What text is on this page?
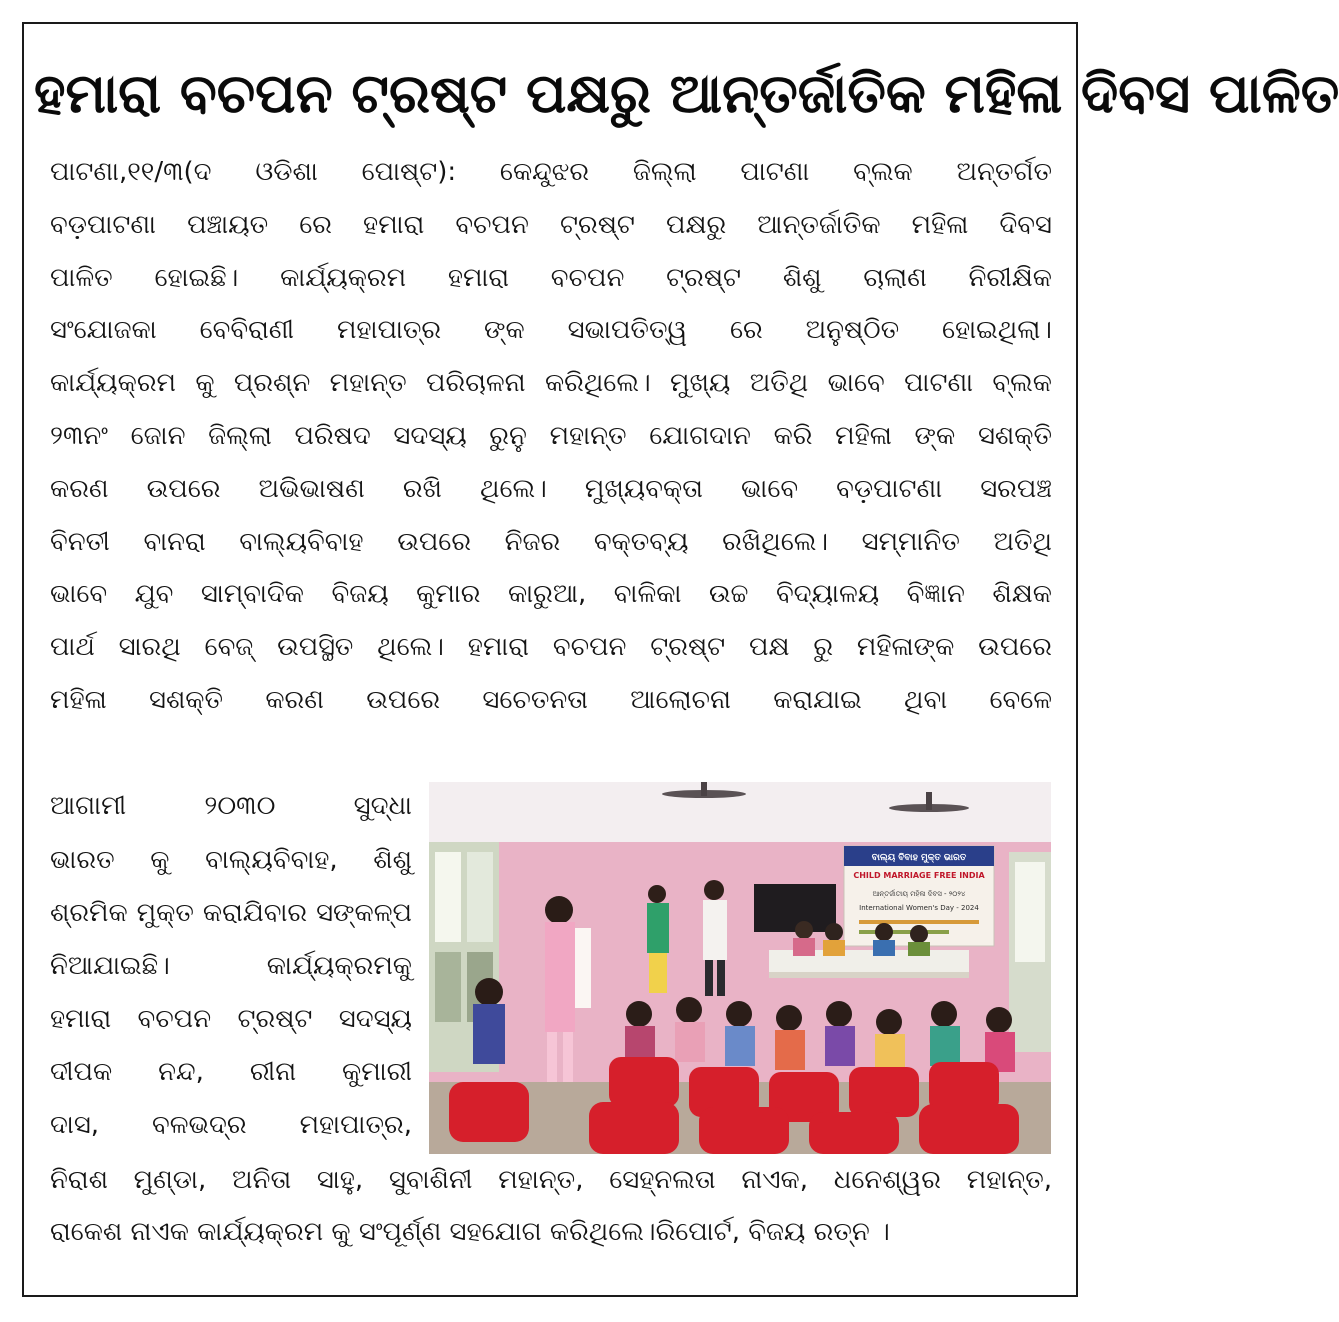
ହମାରା ବଚପନ ଟ୍ରଷ୍ଟ ପକ୍ଷରୁ ଆନ୍ତର୍ଜାତିକ ମହିଳା ଦିବସ ପାଳିତ

ପାଟଣା,୧୧/୩(ଦ ଓଡିଶା ପୋଷ୍ଟ): କେନ୍ଦୁଝର ଜିଲ୍ଲା ପାଟଣା ବ୍ଲକ ଅନ୍ତର୍ଗତ

ବଡ଼ପାଟଣା ପଞ୍ଚାୟତ ରେ ହମାରା ବଚପନ ଟ୍ରଷ୍ଟ ପକ୍ଷରୁ ଆନ୍ତର୍ଜାତିକ ମହିଳା ଦିବସ

ପାଳିତ ହୋଇଛି। କାର୍ଯ୍ୟକ୍ରମ ହମାରା ବଚପନ ଟ୍ରଷ୍ଟ ଶିଶୁ ଚାଲାଣ ନିରୀକ୍ଷିକ

ସଂଯୋଜକା ବେବିରାଣୀ ମହାପାତ୍ର ଙ୍କ ସଭାପତିତ୍ୱ ରେ ଅନୁଷ୍ଠିତ ହୋଇଥିଲା।

କାର୍ଯ୍ୟକ୍ରମ କୁ ପ୍ରଶ୍ନ ମହାନ୍ତ ପରିଚାଳନା କରିଥିଲେ। ମୁଖ୍ୟ ଅତିଥି ଭାବେ ପାଟଣା ବ୍ଲକ

୨୩ନଂ ଜୋନ ଜିଲ୍ଲା ପରିଷଦ ସଦସ୍ୟ ରୁନୁ ମହାନ୍ତ ଯୋଗଦାନ କରି ମହିଳା ଙ୍କ ସଶକ୍ତି

କରଣ ଉପରେ ଅଭିଭାଷଣ ରଖି ଥିଲେ। ମୁଖ୍ୟବକ୍ତା ଭାବେ ବଡ଼ପାଟଣା ସରପଞ୍ଚ

ବିନତୀ ବାନରା ବାଲ୍ୟବିବାହ ଉପରେ ନିଜର ବକ୍ତବ୍ୟ ରଖିଥିଲେ। ସମ୍ମାନିତ ଅତିଥି

ଭାବେ ଯୁବ ସାମ୍ବାଦିକ ବିଜୟ କୁମାର କାରୁଆ, ବାଳିକା ଉଚ୍ଚ ବିଦ୍ୟାଳୟ ବିଜ୍ଞାନ ଶିକ୍ଷକ

ପାର୍ଥ ସାରଥି ବେଜ୍ ଉପସ୍ଥିତ ଥିଲେ। ହମାରା ବଚପନ ଟ୍ରଷ୍ଟ ପକ୍ଷ ରୁ ମହିଳାଙ୍କ ଉପରେ

ମହିଳା ସଶକ୍ତି କରଣ ଉପରେ ସଚେତନତା ଆଲୋଚନା କରାଯାଇ ଥିବା ବେଳେ

ଆଗାମୀ ୨୦୩୦ ସୁଦ୍ଧା

ଭାରତ କୁ ବାଲ୍ୟବିବାହ, ଶିଶୁ

ଶ୍ରମିକ ମୁକ୍ତ କରାଯିବାର ସଙ୍କଳ୍ପ

ନିଆଯାଇଛି। କାର୍ଯ୍ୟକ୍ରମକୁ

ହମାରା ବଚପନ ଟ୍ରଷ୍ଟ ସଦସ୍ୟ

ଦୀପକ ନନ୍ଦ, ରୀନା କୁମାରୀ

ଦାସ, ବଳଭଦ୍ର ମହାପାତ୍ର,

ନିରାଶ ମୁଣ୍ଡା, ଅନିତା ସାହୁ, ସୁବାଶିନୀ ମହାନ୍ତ, ସେହ୍ନଲତା ନାଏକ, ଧନେଶ୍ୱର ମହାନ୍ତ,

ରାକେଶ ନାଏକ କାର୍ଯ୍ୟକ୍ରମ କୁ ସଂପୂର୍ଣ୍ଣ ସହଯୋଗ କରିଥିଲେ।ରିପୋର୍ଟ, ବିଜୟ ରତ୍ନ ।

ବାଲ୍ୟ ବିବାହ ମୁକ୍ତ ଭାରତ
CHILD MARRIAGE FREE INDIA
ଆନ୍ତର୍ଜାତୀୟ ମହିଳା ଦିବସ - ୨୦୨୪
International Women's Day - 2024
